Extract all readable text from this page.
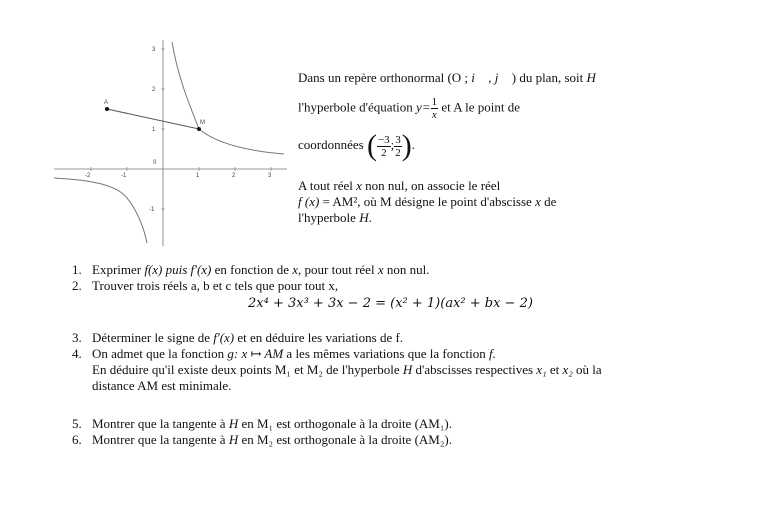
-2	-1
0
1	2	3
3
2
1
-1
A
M
Dans un repère orthonormal (O ; i⃗ , j⃗ ) du plan, soit H
l'hyperbole d'équation $y= \frac{1}{x}$ et A le point de
coordonnées ( $\frac{-3}{2}$ ; $\frac{3}{2}$ ).
A tout réel x non nul, on associe le réel
f (x) = AM², où M désigne le point d'abscisse x de
l'hyperbole H.
1. Exprimer f(x) puis f'(x) en fonction de x, pour tout réel x non nul.
2. Trouver trois réels a, b et c tels que pour tout x,
2x⁴ + 3x³ + 3x − 2 = (x² + 1)(ax² + bx − 2)
3. Déterminer le signe de f'(x) et en déduire les variations de f.
4. On admet que la fonction g: x ↦ AM a les mêmes variations que la fonction f.
En déduire qu'il existe deux points M₁ et M₂ de l'hyperbole H d'abscisses respectives x₁ et x₂ où la
distance AM est minimale.
5. Montrer que la tangente à H en M₁ est orthogonale à la droite (AM₁).
6. Montrer que la tangente à H en M₂ est orthogonale à la droite (AM₂).
